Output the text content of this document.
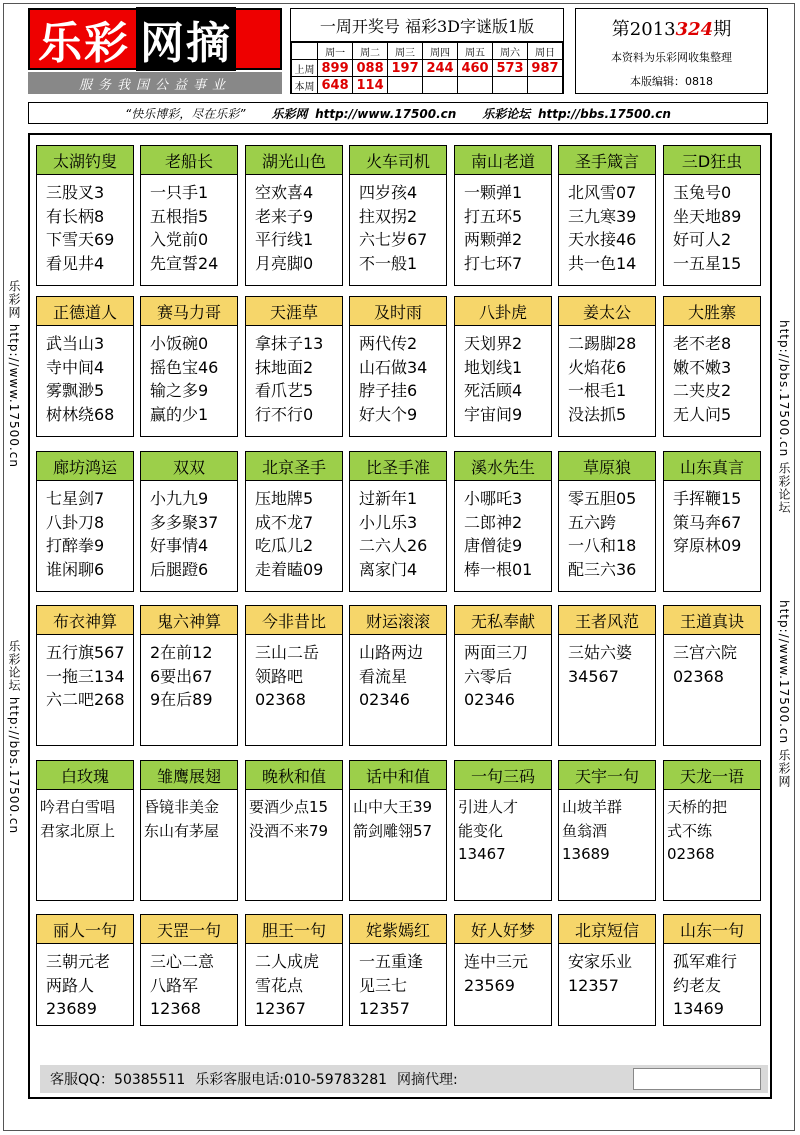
乐彩 网摘
服务我国公益事业
一周开奖号 福彩3D字谜版1版
	周一	周二	周三	周四	周五	周六	周日
上周	899	088	197	244	460	573	987
本周	648	114					
第2013324期
本资料为乐彩网收集整理
本版编辑：0818
“快乐博彩，尽在乐彩” 乐彩网 http://www.17500.cn 乐彩论坛 http://bbs.17500.cn
乐彩网 http://www.17500.cn
乐彩论坛 http://bbs.17500.cn
http://bbs.17500.cn 乐彩论坛
http://www.17500.cn 乐彩网
太湖钓叟
三股叉3
有长柄8
下雪天69
看见井4
老船长
一只手1
五根指5
入党前0
先宣誓24
湖光山色
空欢喜4
老来子9
平行线1
月亮脚0
火车司机
四岁孩4
拄双拐2
六七岁67
不一般1
南山老道
一颗弹1
打五环5
两颗弹2
打七环7
圣手箴言
北风雪07
三九寒39
天水接46
共一色14
三D狂虫
玉兔号0
坐天地89
好可人2
一五星15
正德道人
武当山3
寺中间4
雾飘渺5
树林绕68
赛马力哥
小饭碗0
摇色宝46
输之多9
赢的少1
天涯草
拿抹子13
抹地面2
看爪艺5
行不行0
及时雨
两代传2
山石做34
脖子挂6
好大个9
八卦虎
天划界2
地划线1
死活顾4
宇宙间9
姜太公
二踢脚28
火焰花6
一根毛1
没法抓5
大胜寨
老不老8
嫩不嫩3
二夹皮2
无人问5
廊坊鸿运
七星剑7
八卦刀8
打醉拳9
谁闲聊6
双双
小九九9
多多聚37
好事情4
后腿蹬6
北京圣手
压地牌5
成不龙7
吃瓜儿2
走着瞌09
比圣手准
过新年1
小儿乐3
二六人26
离家门4
溪水先生
小哪吒3
二郎神2
唐僧徒9
棒一根01
草原狼
零五胆05
五六跨
一八和18
配三六36
山东真言
手挥鞭15
策马奔67
穿原林09
布衣神算
五行旗567
一拖三134
六二吧268
鬼六神算
2在前12
6要出67
9在后89
今非昔比
三山二岳
领路吧
02368
财运滚滚
山路两边
看流星
02346
无私奉献
两面三刀
六零后
02346
王者风范
三姑六婆
34567
王道真诀
三宫六院
02368
白玫瑰
吟君白雪唱
君家北原上
雏鹰展翅
昏镜非美金
东山有茅屋
晚秋和值
要酒少点15
没酒不来79
话中和值
山中大王39
箭剑雕翎57
一句三码
引进人才
能变化
13467
天宇一句
山坡羊群
鱼翁酒
13689
天龙一语
天桥的把
式不练
02368
丽人一句
三朝元老
两路人
23689
天罡一句
三心二意
八路军
12368
胆王一句
二人成虎
雪花点
12367
姹紫嫣红
一五重逢
见三七
12357
好人好梦
连中三元
23569
北京短信
安家乐业
12357
山东一句
孤军难行
约老友
13469
客服QQ：50385511 乐彩客服电话:010-59783281 网摘代理:
